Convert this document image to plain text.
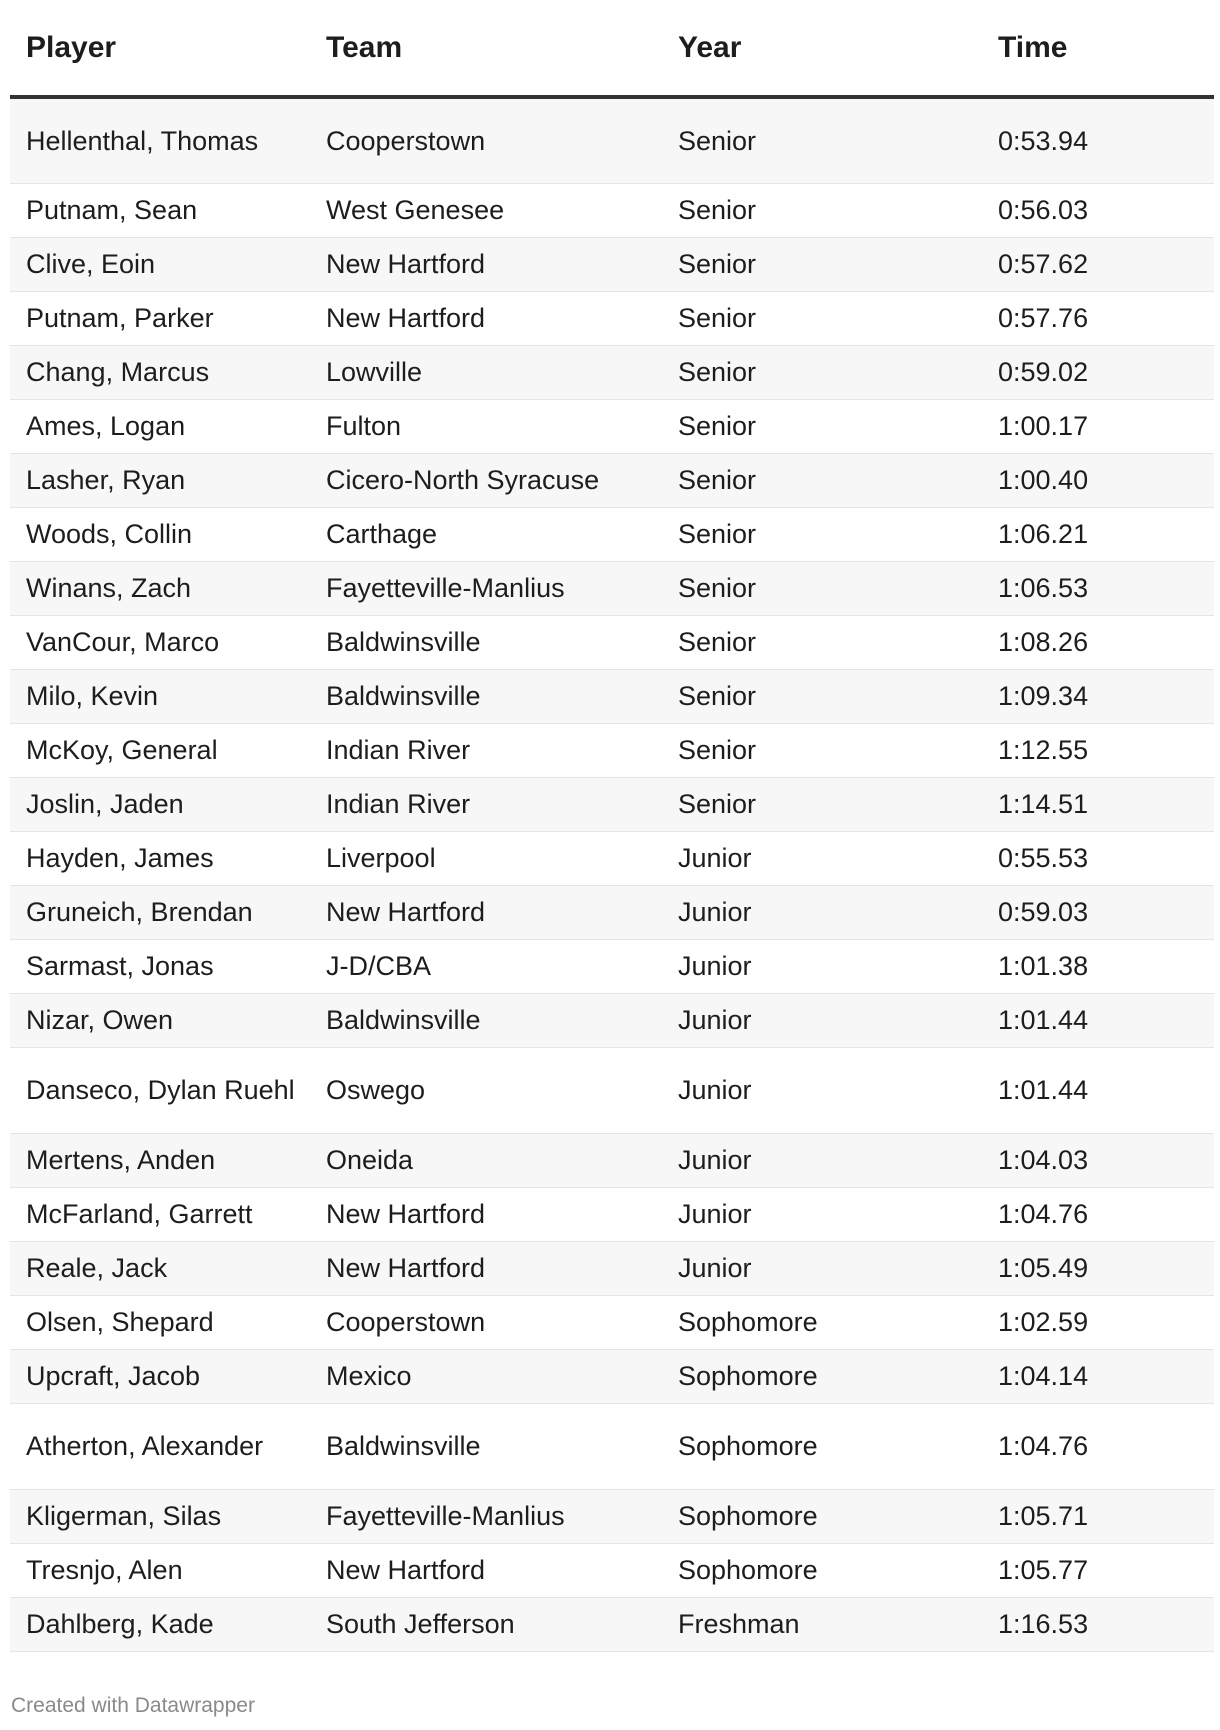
Player	Team	Year	Time
Hellenthal, Thomas	Cooperstown	Senior	0:53.94
Putnam, Sean	West Genesee	Senior	0:56.03
Clive, Eoin	New Hartford	Senior	0:57.62
Putnam, Parker	New Hartford	Senior	0:57.76
Chang, Marcus	Lowville	Senior	0:59.02
Ames, Logan	Fulton	Senior	1:00.17
Lasher, Ryan	Cicero-North Syracuse	Senior	1:00.40
Woods, Collin	Carthage	Senior	1:06.21
Winans, Zach	Fayetteville-Manlius	Senior	1:06.53
VanCour, Marco	Baldwinsville	Senior	1:08.26
Milo, Kevin	Baldwinsville	Senior	1:09.34
McKoy, General	Indian River	Senior	1:12.55
Joslin, Jaden	Indian River	Senior	1:14.51
Hayden, James	Liverpool	Junior	0:55.53
Gruneich, Brendan	New Hartford	Junior	0:59.03
Sarmast, Jonas	J-D/CBA	Junior	1:01.38
Nizar, Owen	Baldwinsville	Junior	1:01.44
Danseco, Dylan Ruehl	Oswego	Junior	1:01.44
Mertens, Anden	Oneida	Junior	1:04.03
McFarland, Garrett	New Hartford	Junior	1:04.76
Reale, Jack	New Hartford	Junior	1:05.49
Olsen, Shepard	Cooperstown	Sophomore	1:02.59
Upcraft, Jacob	Mexico	Sophomore	1:04.14
Atherton, Alexander	Baldwinsville	Sophomore	1:04.76
Kligerman, Silas	Fayetteville-Manlius	Sophomore	1:05.71
Tresnjo, Alen	New Hartford	Sophomore	1:05.77
Dahlberg, Kade	South Jefferson	Freshman	1:16.53
Created with Datawrapper
